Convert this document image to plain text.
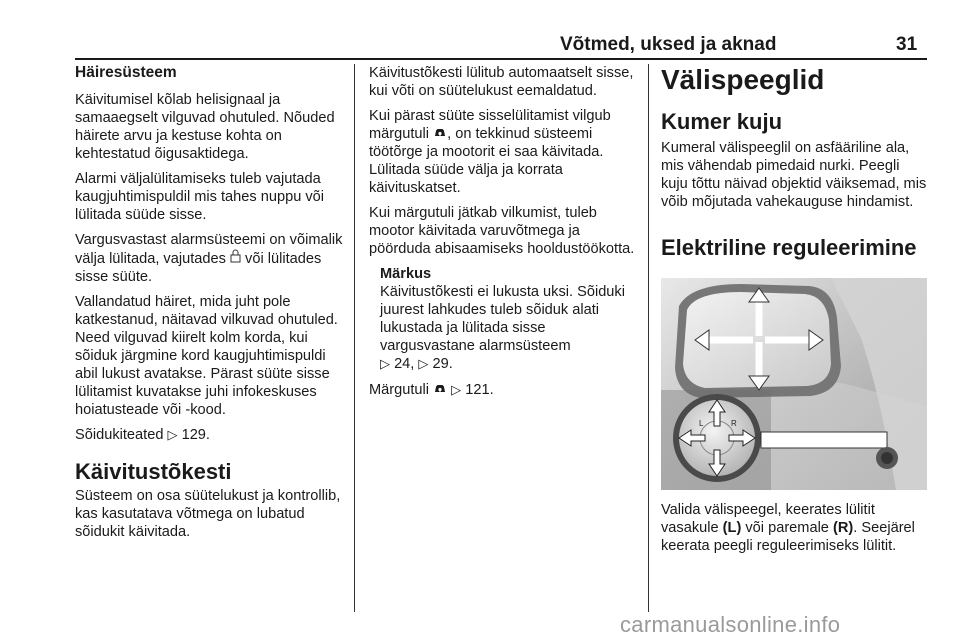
Võtmed, uksed ja aknad	31
Häiresüsteem
Käivitumisel kõlab helisignaal ja samaaegselt vilguvad ohutuled. Nõuded häirete arvu ja kestuse kohta on kehtestatud õigusaktidega.
Alarmi väljalülitamiseks tuleb vajutada kaugjuhtimispuldil mis tahes nuppu või lülitada süüde sisse.
Vargusvastast alarmsüsteemi on võimalik välja lülitada, vajutades või lülitades sisse süüte.
Vallandatud häiret, mida juht pole katkestanud, näitavad vilkuvad ohutuled. Need vilguvad kiirelt kolm korda, kui sõiduk järgmine kord kaugjuhtimispuldi abil lukust avatakse. Pärast süüte sisse lülitamist kuvatakse juhi infokeskuses hoiatusteade või -kood.
Sõidukiteated ▷ 129.
Käivitustõkesti
Süsteem on osa süütelukust ja kontrollib, kas kasutatava võtmega on lubatud sõidukit käivitada.
Käivitustõkesti lülitub automaatselt sisse, kui võti on süütelukust eemaldatud.
Kui pärast süüte sisselülitamist vilgub märgutuli , on tekkinud süsteemi töötõrge ja mootorit ei saa käivitada. Lülitada süüde välja ja korrata käivituskatset.
Kui märgutuli jätkab vilkumist, tuleb mootor käivitada varuvõtmega ja pöörduda abisaamiseks hooldustöökotta.
Märkus
Käivitustõkesti ei lukusta uksi. Sõiduki juurest lahkudes tuleb sõiduk alati lukustada ja lülitada sisse vargusvastane alarmsüsteem
▷ 24, ▷ 29.
Märgutuli ▷ 121.
Välispeeglid
Kumer kuju
Kumeral välispeeglil on asfääriline ala, mis vähendab pimedaid nurki. Peegli kuju tõttu näivad objektid väiksemad, mis võib mõjutada vahekauguse hindamist.
Elektriline reguleerimine
L	R
Valida välispeegel, keerates lülitit vasakule (L) või paremale (R). Seejärel keerata peegli reguleerimiseks lülitit.
carmanualsonline.info
